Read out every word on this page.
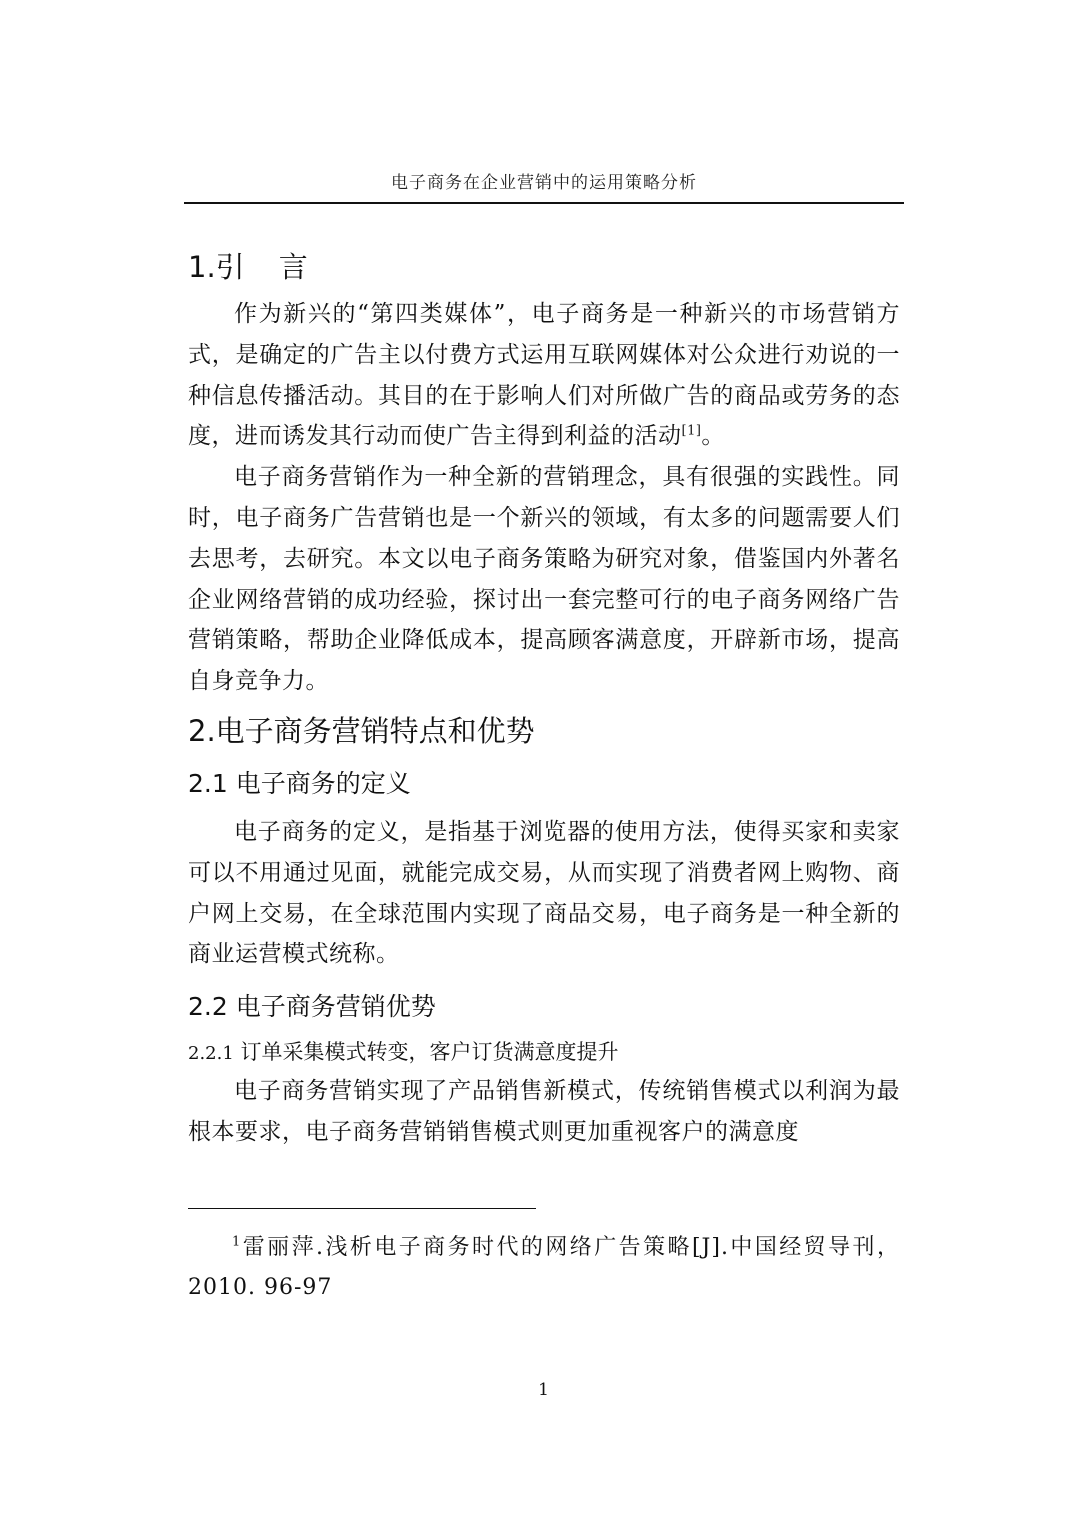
电子商务在企业营销中的运用策略分析
1.引 言

作为新兴的“第四类媒体”，电子商务是一种新兴的市场营销方式，是确定的广告主以付费方式运用互联网媒体对公众进行劝说的一种信息传播活动。其目的在于影响人们对所做广告的商品或劳务的态度，进而诱发其行动而使广告主得到利益的活动[1]。

电子商务营销作为一种全新的营销理念，具有很强的实践性。同时，电子商务广告营销也是一个新兴的领域，有太多的问题需要人们去思考，去研究。本文以电子商务策略为研究对象，借鉴国内外著名企业网络营销的成功经验，探讨出一套完整可行的电子商务网络广告营销策略，帮助企业降低成本，提高顾客满意度，开辟新市场，提高自身竞争力。

2.电子商务营销特点和优势
2.1 电子商务的定义

电子商务的定义，是指基于浏览器的使用方法，使得买家和卖家可以不用通过见面，就能完成交易，从而实现了消费者网上购物、商户网上交易，在全球范围内实现了商品交易，电子商务是一种全新的商业运营模式统称。

2.2 电子商务营销优势
2.2.1 订单采集模式转变，客户订货满意度提升

电子商务营销实现了产品销售新模式，传统销售模式以利润为最根本要求，电子商务营销销售模式则更加重视客户的满意度

$^1$雷丽萍.浅析电子商务时代的网络广告策略[J].中国经贸导刊，2010. 96-97

1
